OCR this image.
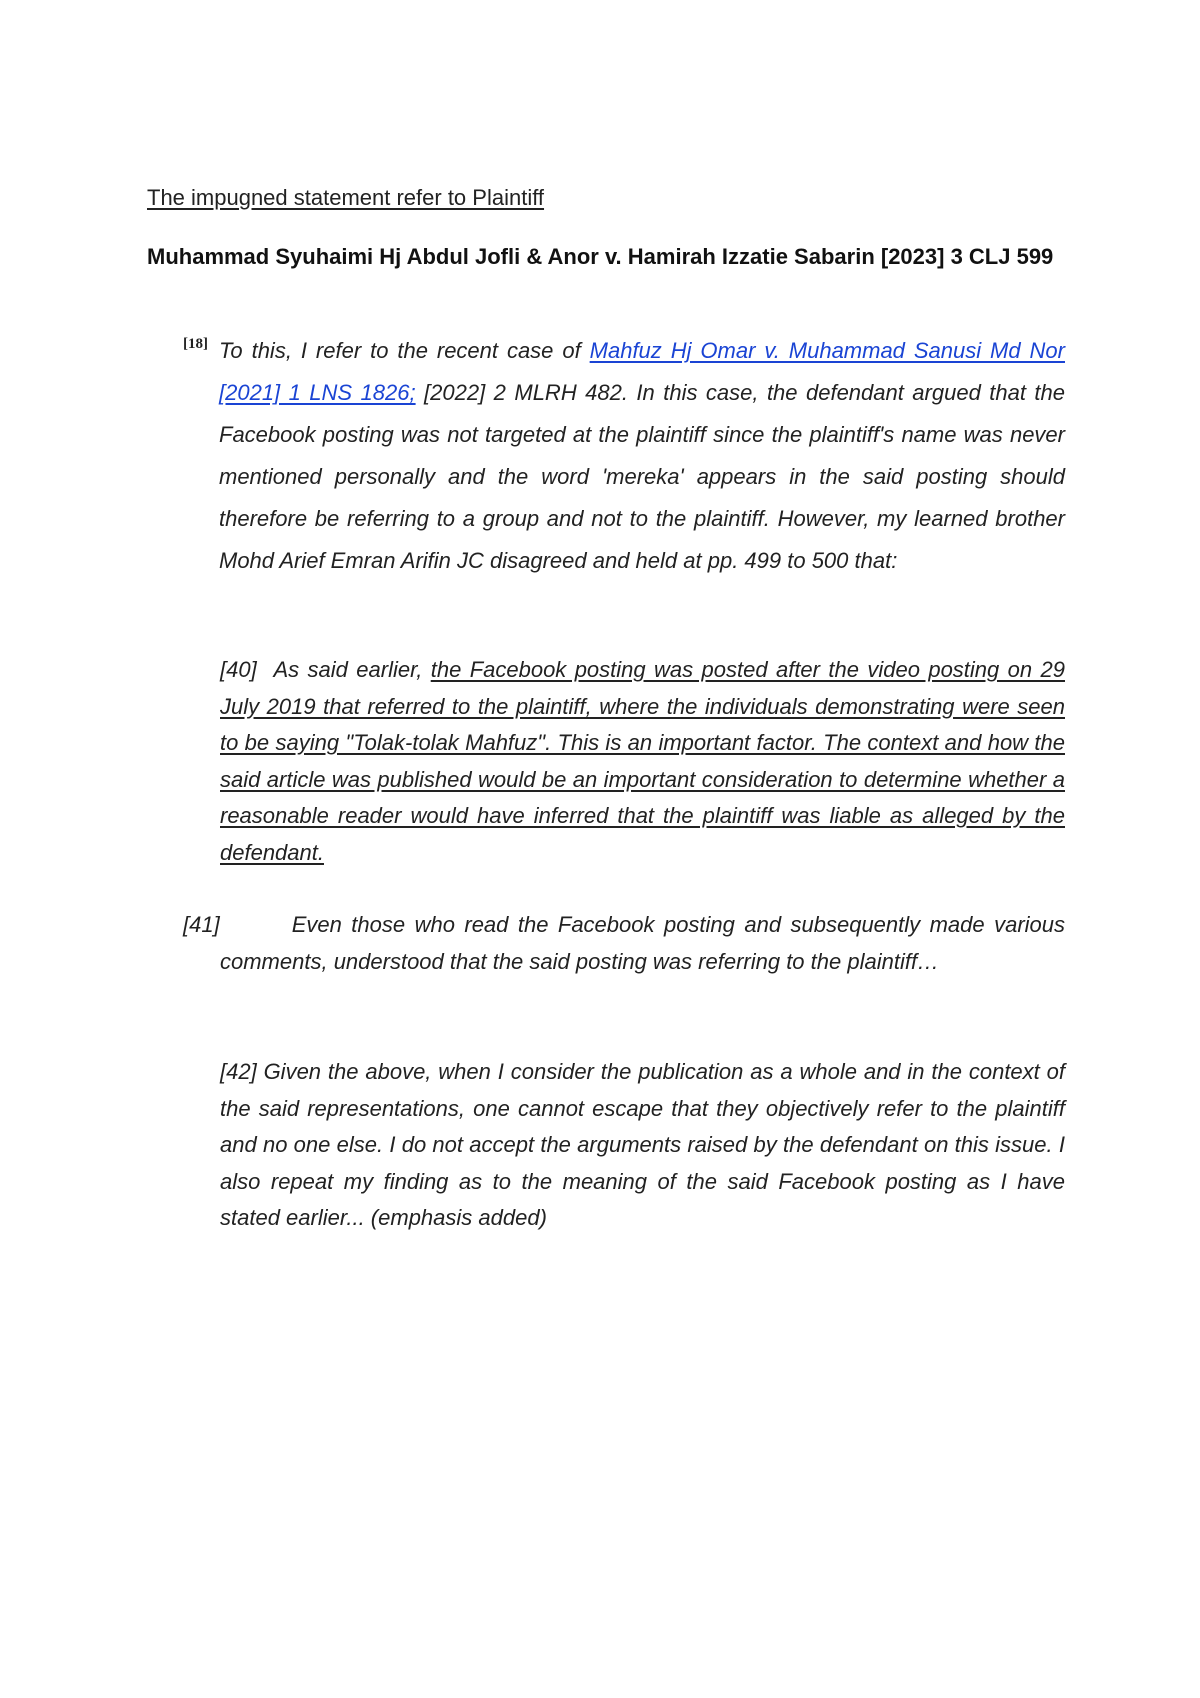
The impugned statement refer to Plaintiff
Muhammad Syuhaimi Hj Abdul Jofli & Anor v. Hamirah Izzatie Sabarin [2023] 3 CLJ 599
[18] To this, I refer to the recent case of Mahfuz Hj Omar v. Muhammad Sanusi Md Nor [2021] 1 LNS 1826; [2022] 2 MLRH 482. In this case, the defendant argued that the Facebook posting was not targeted at the plaintiff since the plaintiff's name was never mentioned personally and the word 'mereka' appears in the said posting should therefore be referring to a group and not to the plaintiff. However, my learned brother Mohd Arief Emran Arifin JC disagreed and held at pp. 499 to 500 that:

[40] As said earlier, the Facebook posting was posted after the video posting on 29 July 2019 that referred to the plaintiff, where the individuals demonstrating were seen to be saying "Tolak-tolak Mahfuz". This is an important factor. The context and how the said article was published would be an important consideration to determine whether a reasonable reader would have inferred that the plaintiff was liable as alleged by the defendant.

[41]	Even those who read the Facebook posting and subsequently made various comments, understood that the said posting was referring to the plaintiff…

[42] Given the above, when I consider the publication as a whole and in the context of the said representations, one cannot escape that they objectively refer to the plaintiff and no one else. I do not accept the arguments raised by the defendant on this issue. I also repeat my finding as to the meaning of the said Facebook posting as I have stated earlier... (emphasis added)
